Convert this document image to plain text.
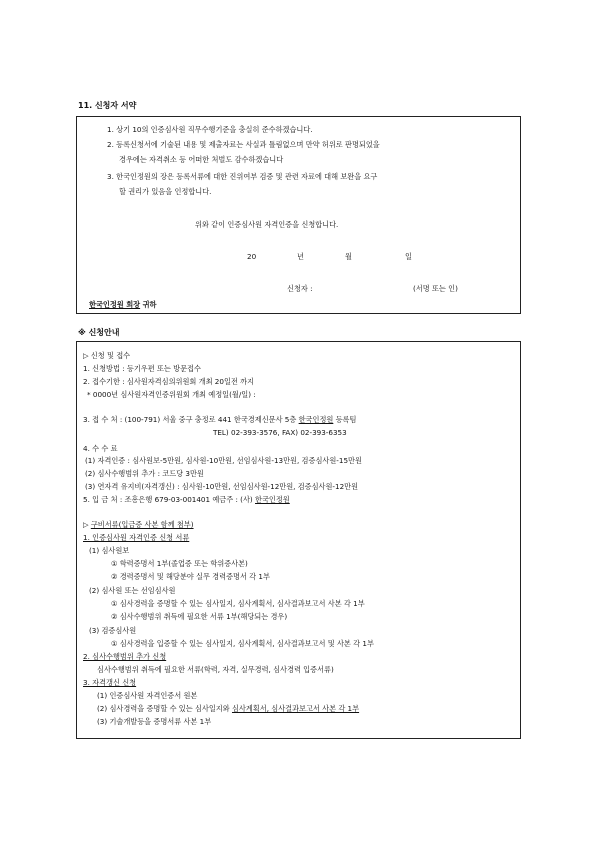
11. 신청자 서약
1. 상기 10의 인증심사원 직무수행기준을 충실히 준수하겠습니다.
2. 등록신청서에 기술된 내용 및 제출자료는 사실과 틀림없으며 만약 허위로 판명되었을
경우에는 자격취소 등 어떠한 처벌도 감수하겠습니다
3. 한국인정원의 장은 등록서류에 대한 진위여부 검증 및 관련 자료에 대해 보완을 요구
할 권리가 있음을 인정합니다.
위와 같이 인증심사원 자격인증을 신청합니다.
20	년	월	일
신청자 :	(서명 또는 인)
한국인정원 회장 귀하
※ 신청안내
▷ 신청 및 접수
1. 신청방법 : 등기우편 또는 방문접수
2. 접수기한 : 심사원자격심의위원회 개최 20일전 까지
* 0000년 심사원자격인증위원회 개최 예정일(월/일) :
3. 접 수 처 : (100-791) 서울 중구 충정로 441 한국경제신문사 5층 한국인정원 등록팀
TEL) 02-393-3576, FAX) 02-393-6353
4. 수 수 료
(1) 자격인증 : 심사원보-5만원, 심사원-10만원, 선임심사원-13만원, 검증심사원-15만원
(2) 심사수행범위 추가 : 코드당 3만원
(3) 연자격 유지비(자격갱신) : 심사원-10만원, 선임심사원-12만원, 검증심사원-12만원
5. 입 금 처 : 조흥은행 679-03-001401 예금주 : (사) 한국인정원
▷ 구비서류(입금증 사본 함께 첨부)
1. 인증심사원 자격인증 신청 서류
(1) 심사원보
① 학력증명서 1부(졸업증 또는 학위증사본)
② 경력증명서 및 해당분야 실무 경력증명서 각 1부
(2) 심사원 또는 선임심사원
① 심사경력을 증명할 수 있는 심사일지, 심사계획서, 심사결과보고서 사본 각 1부
② 심사수행범위 취득에 필요한 서류 1부(해당되는 경우)
(3) 검증심사원
① 심사경력을 입증할 수 있는 심사일지, 심사계획서, 심사결과보고서 및 사본 각 1부
2. 심사수행범위 추가 신청
심사수행범위 취득에 필요한 서류(학력, 자격, 실무경력, 심사경력 입증서류)
3. 자격갱신 신청
(1) 인증심사원 자격인증서 원본
(2) 심사경력을 증명할 수 있는 심사일지와 심사계획서, 심사결과보고서 사본 각 1부
(3) 기술개발등을 증명서류 사본 1부
